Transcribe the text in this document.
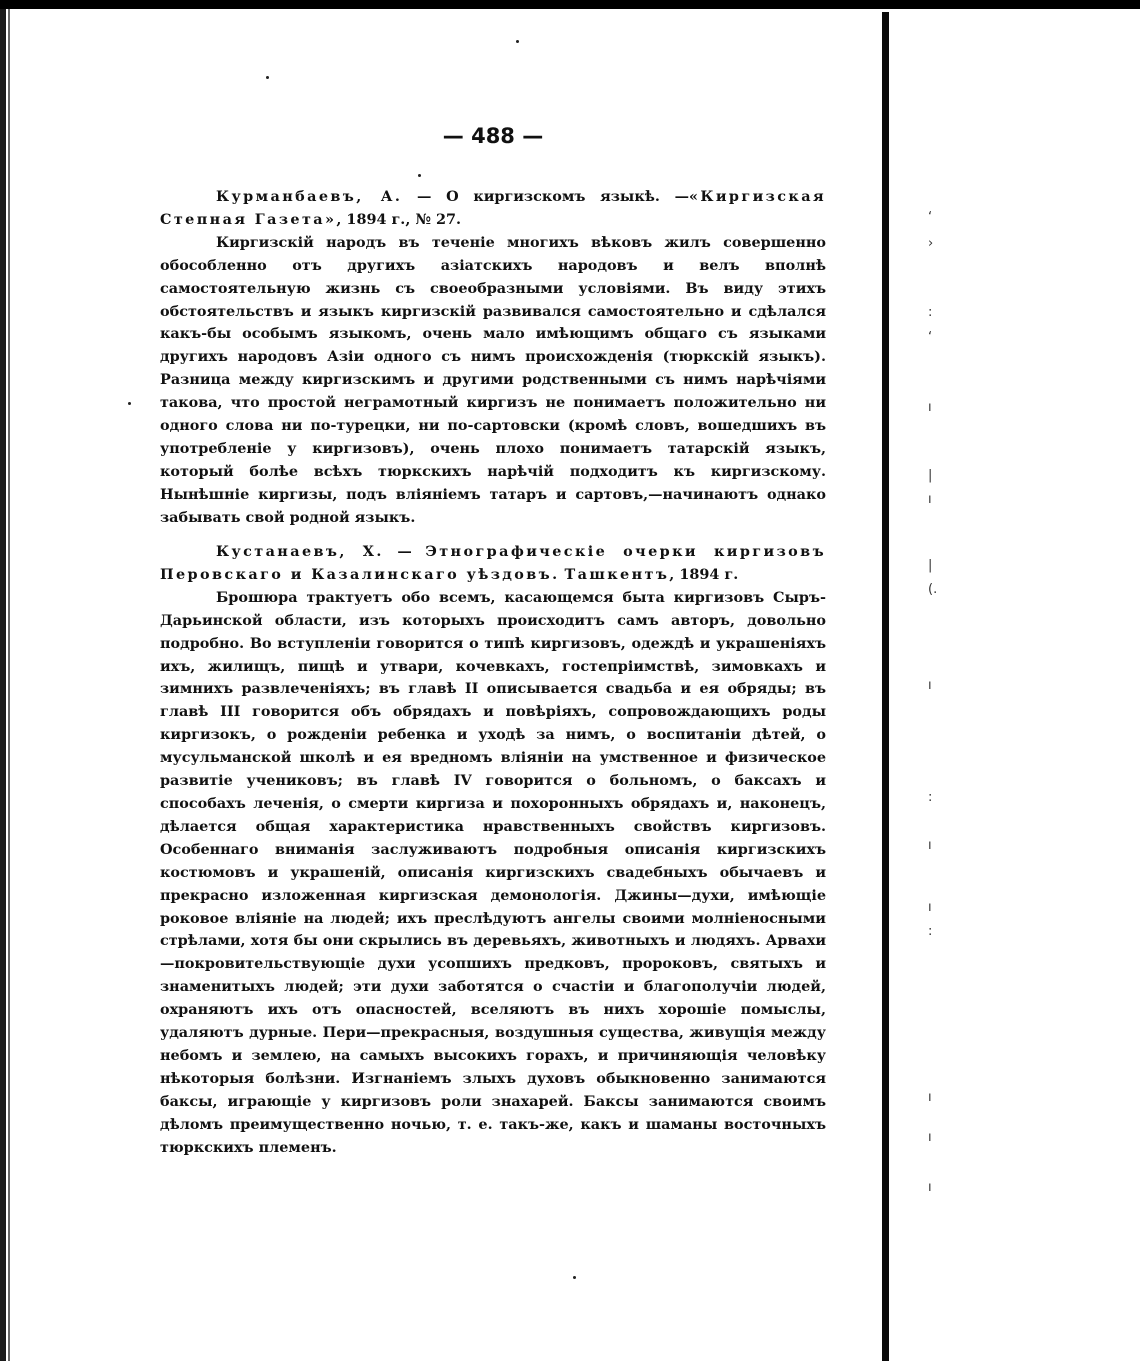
‘
›
:
‘
ı
|
ı
|
(.
ı
:
ı
ı
:
ı
ı
ı
— 488 —

Курманбаевъ, А. — О киргизскомъ языкѣ. —«Киргизская Степная Газета», 1894 г., № 27.

Киргизскій народъ въ теченіе многихъ вѣковъ жилъ совершенно обособленно отъ другихъ азіатскихъ народовъ и велъ вполнѣ самостоятельную жизнь съ своеобразными условіями. Въ виду этихъ обстоятельствъ и языкъ киргизскій развивался самостоятельно и сдѣлался какъ-бы особымъ языкомъ, очень мало имѣющимъ общаго съ языками другихъ народовъ Азіи одного съ нимъ происхожденія (тюркскій языкъ). Разница между киргизскимъ и другими родственными съ нимъ нарѣчіями такова, что простой неграмотный киргизъ не понимаетъ положительно ни одного слова ни по-турецки, ни по-сартовски (кромѣ словъ, вошедшихъ въ употребленіе у киргизовъ), очень плохо понимаетъ татарскій языкъ, который болѣе всѣхъ тюркскихъ нарѣчій подходитъ къ киргизскому. Нынѣшніе киргизы, подъ вліяніемъ татаръ и сартовъ,—начинаютъ однако забывать свой родной языкъ.

Кустанаевъ, Х. — Этнографическіе очерки киргизовъ Перовскаго и Казалинскаго уѣздовъ. Ташкентъ, 1894 г.

Брошюра трактуетъ обо всемъ, касающемся быта киргизовъ Сыръ-Дарьинской области, изъ которыхъ происходитъ самъ авторъ, довольно подробно. Во вступленіи говорится о типѣ киргизовъ, одеждѣ и украшеніяхъ ихъ, жилищъ, пищѣ и утвари, кочевкахъ, гостепріимствѣ, зимовкахъ и зимнихъ развлеченіяхъ; въ главѣ II описывается свадьба и ея обряды; въ главѣ III говорится объ обрядахъ и повѣріяхъ, сопровождающихъ роды киргизокъ, о рожденіи ребенка и уходѣ за нимъ, о воспитаніи дѣтей, о мусульманской школѣ и ея вредномъ вліяніи на умственное и физическое развитіе учениковъ; въ главѣ IV говорится о больномъ, о баксахъ и способахъ леченія, о смерти киргиза и похоронныхъ обрядахъ и, наконецъ, дѣлается общая характеристика нравственныхъ свойствъ киргизовъ. Особеннаго вниманія заслуживаютъ подробныя описанія киргизскихъ костюмовъ и украшеній, описанія киргизскихъ свадебныхъ обычаевъ и прекрасно изложенная киргизская демонологія. Джины—духи, имѣющіе роковое вліяніе на людей; ихъ преслѣдуютъ ангелы своими молніеносными стрѣлами, хотя бы они скрылись въ деревьяхъ, животныхъ и людяхъ. Арвахи—покровительствующіе духи усопшихъ предковъ, пророковъ, святыхъ и знаменитыхъ людей; эти духи заботятся о счастіи и благополучіи людей, охраняютъ ихъ отъ опасностей, вселяютъ въ нихъ хорошіе помыслы, удаляютъ дурные. Пери—прекрасныя, воздушныя существа, живущія между небомъ и землею, на самыхъ высокихъ горахъ, и причиняющія человѣку нѣкоторыя болѣзни. Изгнаніемъ злыхъ духовъ обыкновенно занимаются баксы, играющіе у киргизовъ роли знахарей. Баксы занимаются своимъ дѣломъ преимущественно ночью, т. е. такъ-же, какъ и шаманы восточныхъ тюркскихъ племенъ.
